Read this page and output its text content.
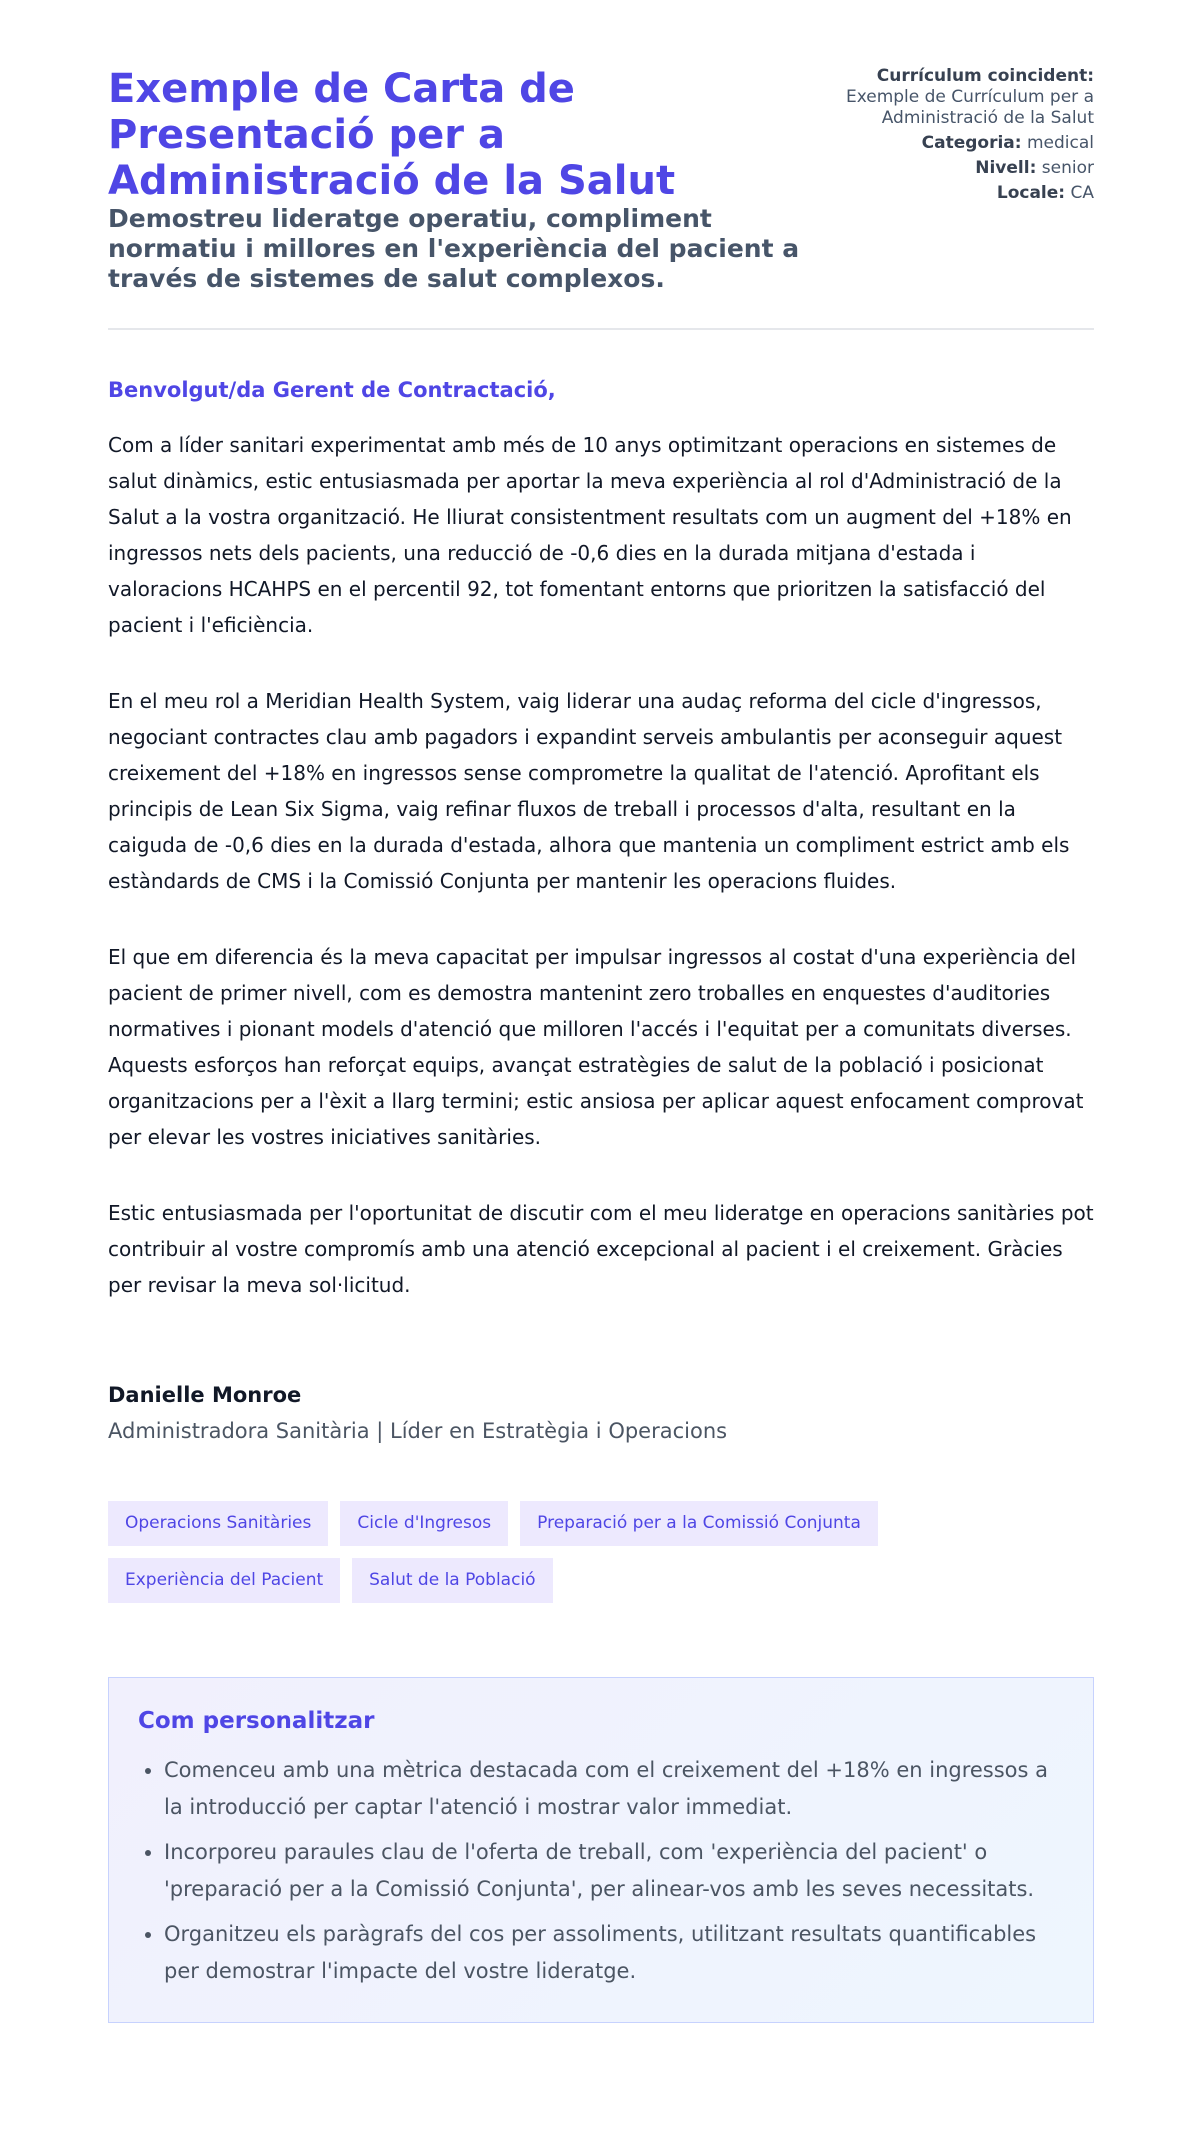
Exemple de Carta de Presentació per a Administració de la Salut
Demostreu lideratge operatiu, compliment normatiu i millores en l'experiència del pacient a través de sistemes de salut complexos.
Currículum coincident:
Exemple de Currículum per a Administració de la Salut
Categoria: medical
Nivell: senior
Locale: CA
Benvolgut/da Gerent de Contractació,

Com a líder sanitari experimentat amb més de 10 anys optimitzant operacions en sistemes de salut dinàmics, estic entusiasmada per aportar la meva experiència al rol d'Administració de la Salut a la vostra organització. He lliurat consistentment resultats com un augment del +18% en ingressos nets dels pacients, una reducció de -0,6 dies en la durada mitjana d'estada i valoracions HCAHPS en el percentil 92, tot fomentant entorns que prioritzen la satisfacció del pacient i l'eficiència.

En el meu rol a Meridian Health System, vaig liderar una audaç reforma del cicle d'ingressos, negociant contractes clau amb pagadors i expandint serveis ambulantis per aconseguir aquest creixement del +18% en ingressos sense comprometre la qualitat de l'atenció. Aprofitant els principis de Lean Six Sigma, vaig refinar fluxos de treball i processos d'alta, resultant en la caiguda de -0,6 dies en la durada d'estada, alhora que mantenia un compliment estrict amb els estàndards de CMS i la Comissió Conjunta per mantenir les operacions fluides.

El que em diferencia és la meva capacitat per impulsar ingressos al costat d'una experiència del pacient de primer nivell, com es demostra mantenint zero troballes en enquestes d'auditories normatives i pionant models d'atenció que milloren l'accés i l'equitat per a comunitats diverses. Aquests esforços han reforçat equips, avançat estratègies de salut de la població i posicionat organitzacions per a l'èxit a llarg termini; estic ansiosa per aplicar aquest enfocament comprovat per elevar les vostres iniciatives sanitàries.

Estic entusiasmada per l'oportunitat de discutir com el meu lideratge en operacions sanitàries pot contribuir al vostre compromís amb una atenció excepcional al pacient i el creixement. Gràcies per revisar la meva sol·licitud.

Danielle Monroe
Administradora Sanitària | Líder en Estratègia i Operacions
Operacions Sanitàries	Cicle d'Ingresos	Preparació per a la Comissió Conjunta
Experiència del Pacient	Salut de la Població
Com personalitzar
• Comenceu amb una mètrica destacada com el creixement del +18% en ingressos a la introducció per captar l'atenció i mostrar valor immediat.
• Incorporeu paraules clau de l'oferta de treball, com 'experiència del pacient' o 'preparació per a la Comissió Conjunta', per alinear-vos amb les seves necessitats.
• Organitzeu els paràgrafs del cos per assoliments, utilitzant resultats quantificables per demostrar l'impacte del vostre lideratge.
